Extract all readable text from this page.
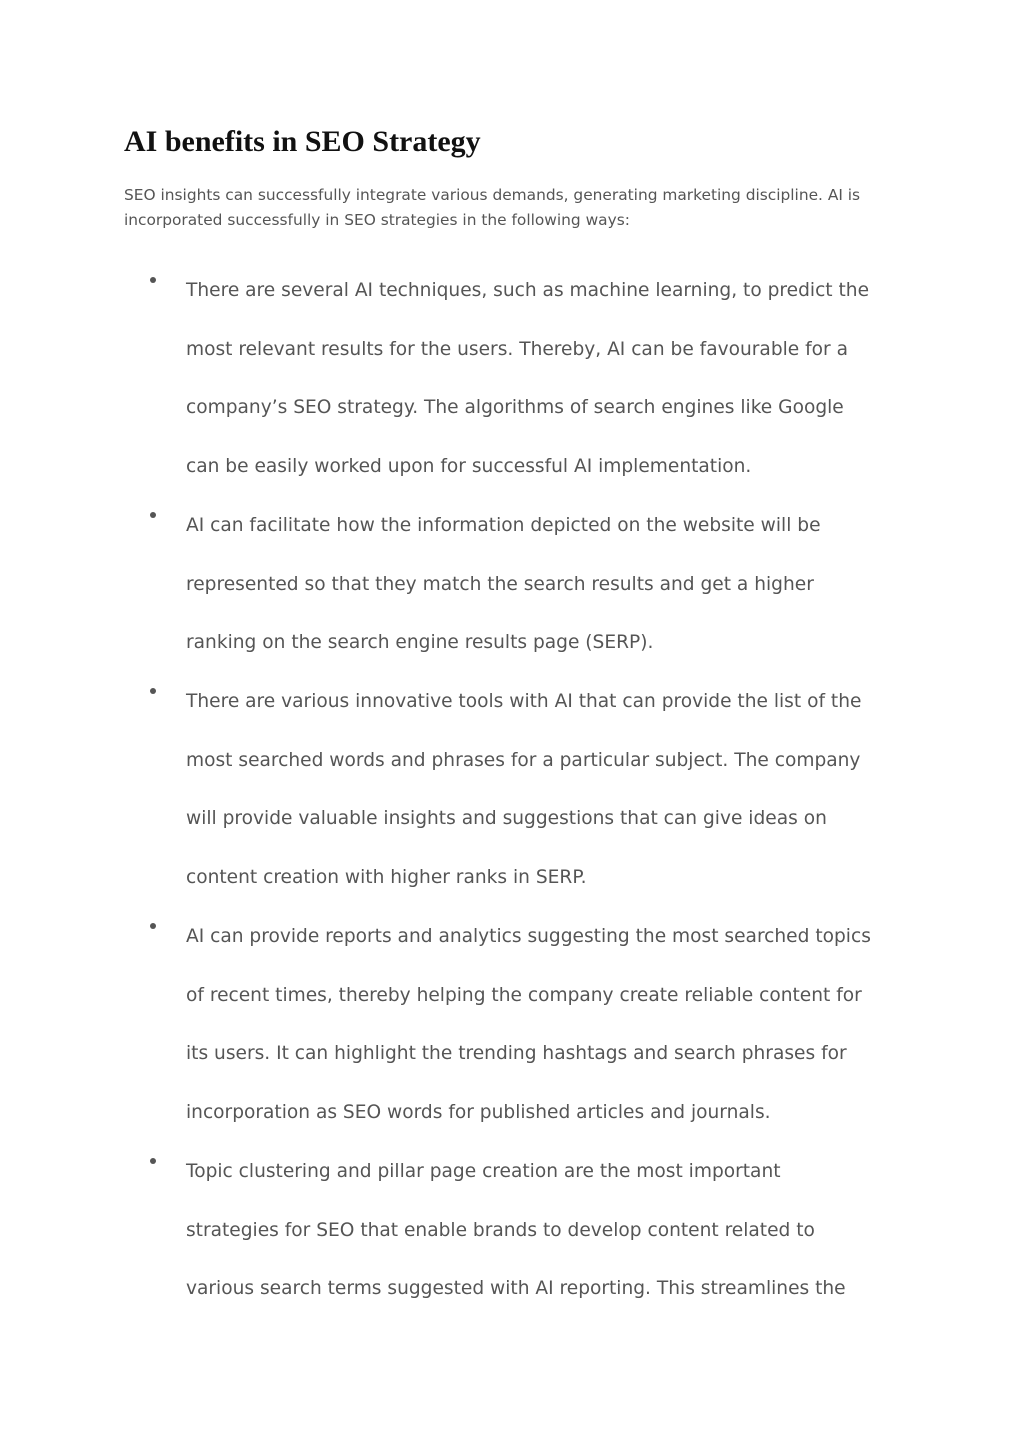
AI benefits in SEO Strategy

SEO insights can successfully integrate various demands, generating marketing discipline. AI is incorporated successfully in SEO strategies in the following ways:

There are several AI techniques, such as machine learning, to predict the

most relevant results for the users. Thereby, AI can be favourable for a

company’s SEO strategy. The algorithms of search engines like Google

can be easily worked upon for successful AI implementation.

AI can facilitate how the information depicted on the website will be

represented so that they match the search results and get a higher

ranking on the search engine results page (SERP).

There are various innovative tools with AI that can provide the list of the

most searched words and phrases for a particular subject. The company

will provide valuable insights and suggestions that can give ideas on

content creation with higher ranks in SERP.

AI can provide reports and analytics suggesting the most searched topics

of recent times, thereby helping the company create reliable content for

its users. It can highlight the trending hashtags and search phrases for

incorporation as SEO words for published articles and journals.

Topic clustering and pillar page creation are the most important

strategies for SEO that enable brands to develop content related to

various search terms suggested with AI reporting. This streamlines the
